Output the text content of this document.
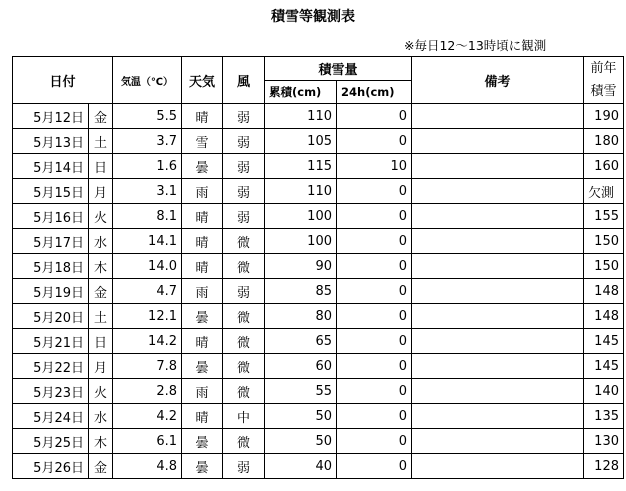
積雪等観測表
※毎日12〜13時頃に観測
日付		気温（℃）	天気	風	積雪量		備考	前年
積雪

					累積(cm)	24h(cm)		
5月12日	金	5.5	晴	弱	110	0		190
5月13日	土	3.7	雪	弱	105	0		180
5月14日	日	1.6	曇	弱	115	10		160
5月15日	月	3.1	雨	弱	110	0		欠測
5月16日	火	8.1	晴	弱	100	0		155
5月17日	水	14.1	晴	微	100	0		150
5月18日	木	14.0	晴	微	90	0		150
5月19日	金	4.7	雨	弱	85	0		148
5月20日	土	12.1	曇	微	80	0		148
5月21日	日	14.2	晴	微	65	0		145
5月22日	月	7.8	曇	微	60	0		145
5月23日	火	2.8	雨	微	55	0		140
5月24日	水	4.2	晴	中	50	0		135
5月25日	木	6.1	曇	微	50	0		130
5月26日	金	4.8	曇	弱	40	0		128
